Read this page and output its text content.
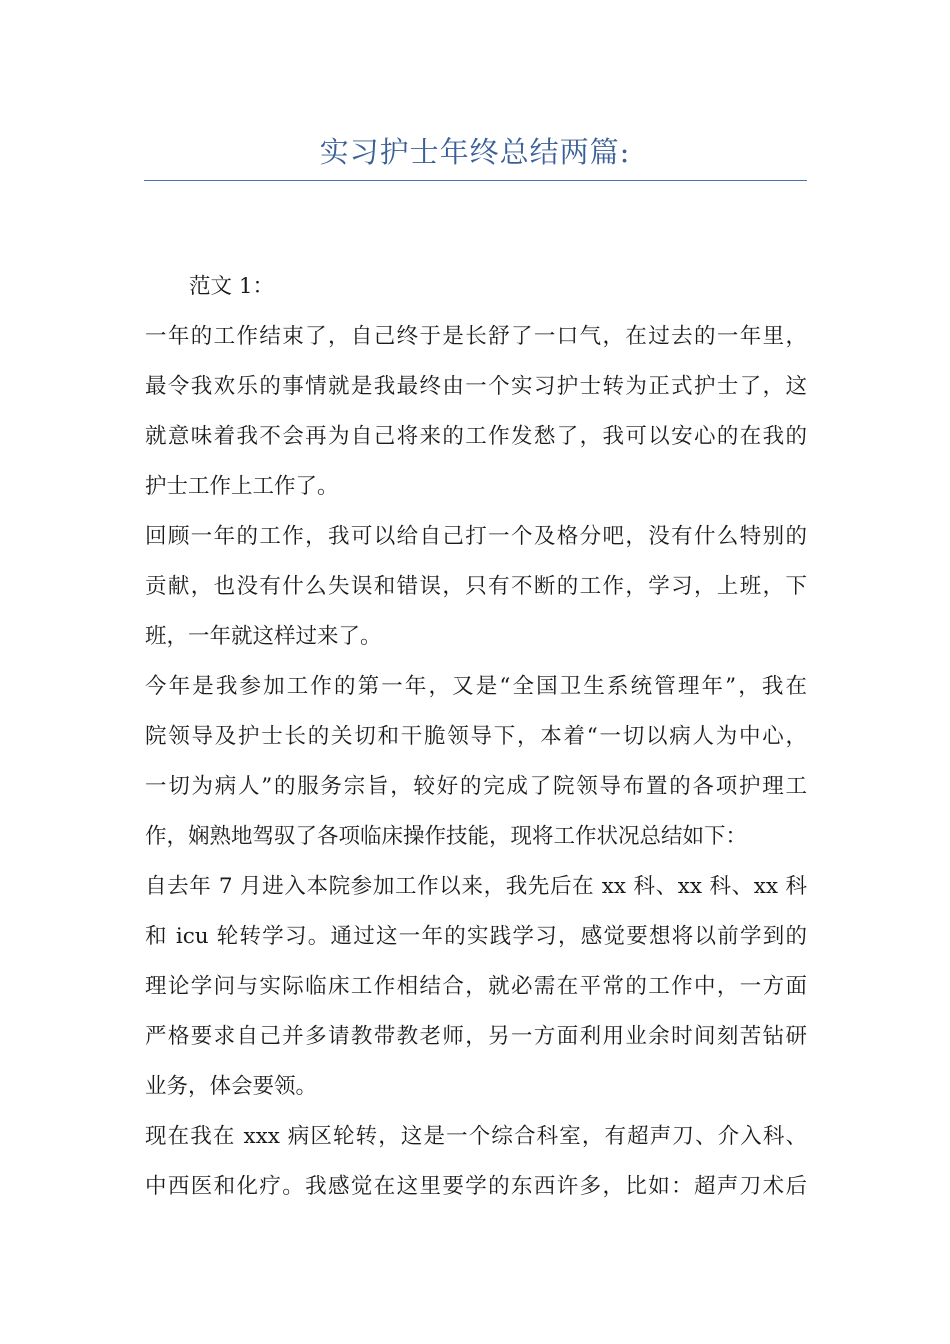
实习护士年终总结两篇:
范文 1：
一年的工作结束了，自己终于是长舒了一口气，在过去的一年里，
最令我欢乐的事情就是我最终由一个实习护士转为正式护士了，这
就意味着我不会再为自己将来的工作发愁了，我可以安心的在我的
护士工作上工作了。
回顾一年的工作，我可以给自己打一个及格分吧，没有什么特别的
贡献，也没有什么失误和错误，只有不断的工作，学习，上班，下
班，一年就这样过来了。
今年是我参加工作的第一年，又是“全国卫生系统管理年”，我在
院领导及护士长的关切和干脆领导下，本着“一切以病人为中心，
一切为病人”的服务宗旨，较好的完成了院领导布置的各项护理工
作，娴熟地驾驭了各项临床操作技能，现将工作状况总结如下：
自去年 7 月进入本院参加工作以来，我先后在 xx 科、xx 科、xx 科
和 icu 轮转学习。通过这一年的实践学习，感觉要想将以前学到的
理论学问与实际临床工作相结合，就必需在平常的工作中，一方面
严格要求自己并多请教带教老师，另一方面利用业余时间刻苦钻研
业务，体会要领。
现在我在 xxx 病区轮转，这是一个综合科室，有超声刀、介入科、
中西医和化疗。我感觉在这里要学的东西许多，比如：超声刀术后
